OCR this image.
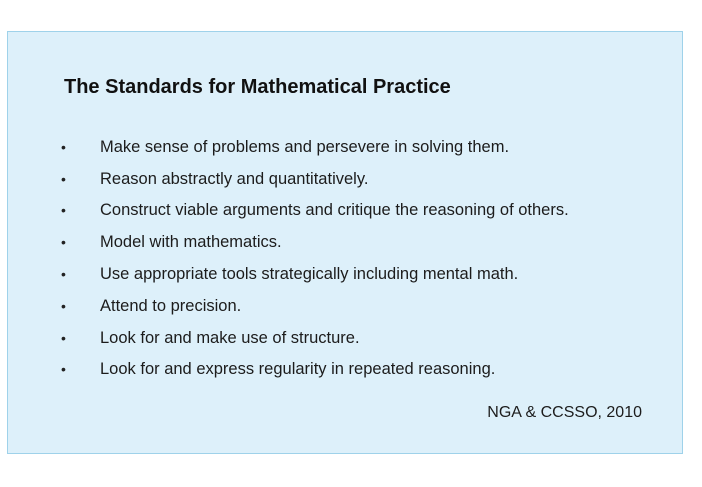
The Standards for Mathematical Practice
•	Make sense of problems and persevere in solving them.
•	Reason abstractly and quantitatively.
•	Construct viable arguments and critique the reasoning of others.
•	Model with mathematics.
•	Use appropriate tools strategically including mental math.
•	Attend to precision.
•	Look for and make use of structure.
•	Look for and express regularity in repeated reasoning.
NGA & CCSSO, 2010
